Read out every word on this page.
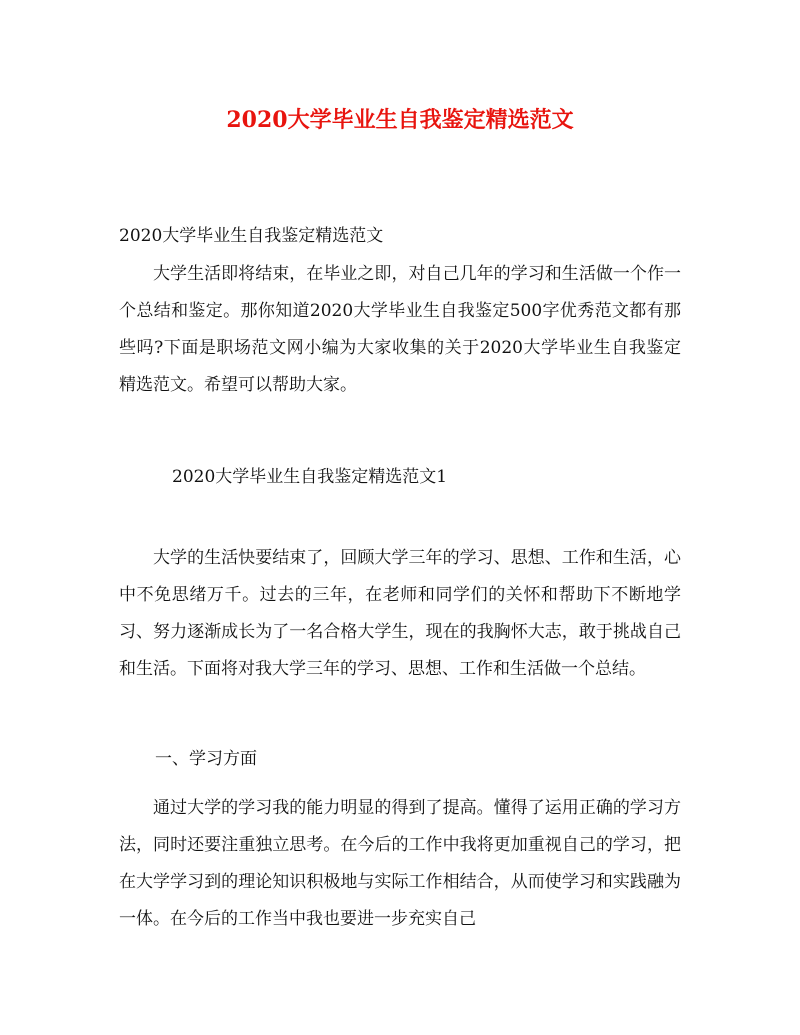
2020大学毕业生自我鉴定精选范文
2020大学毕业生自我鉴定精选范文
大学生活即将结束，在毕业之即，对自己几年的学习和生活做一个作一个总结和鉴定。那你知道2020大学毕业生自我鉴定500字优秀范文都有那些吗?下面是职场范文网小编为大家收集的关于2020大学毕业生自我鉴定精选范文。希望可以帮助大家。
2020大学毕业生自我鉴定精选范文1
大学的生活快要结束了，回顾大学三年的学习、思想、工作和生活，心中不免思绪万千。过去的三年，在老师和同学们的关怀和帮助下不断地学习、努力逐渐成长为了一名合格大学生，现在的我胸怀大志，敢于挑战自己和生活。下面将对我大学三年的学习、思想、工作和生活做一个总结。
一、学习方面
通过大学的学习我的能力明显的得到了提高。懂得了运用正确的学习方法，同时还要注重独立思考。在今后的工作中我将更加重视自己的学习，把在大学学习到的理论知识积极地与实际工作相结合，从而使学习和实践融为一体。在今后的工作当中我也要进一步充实自己
